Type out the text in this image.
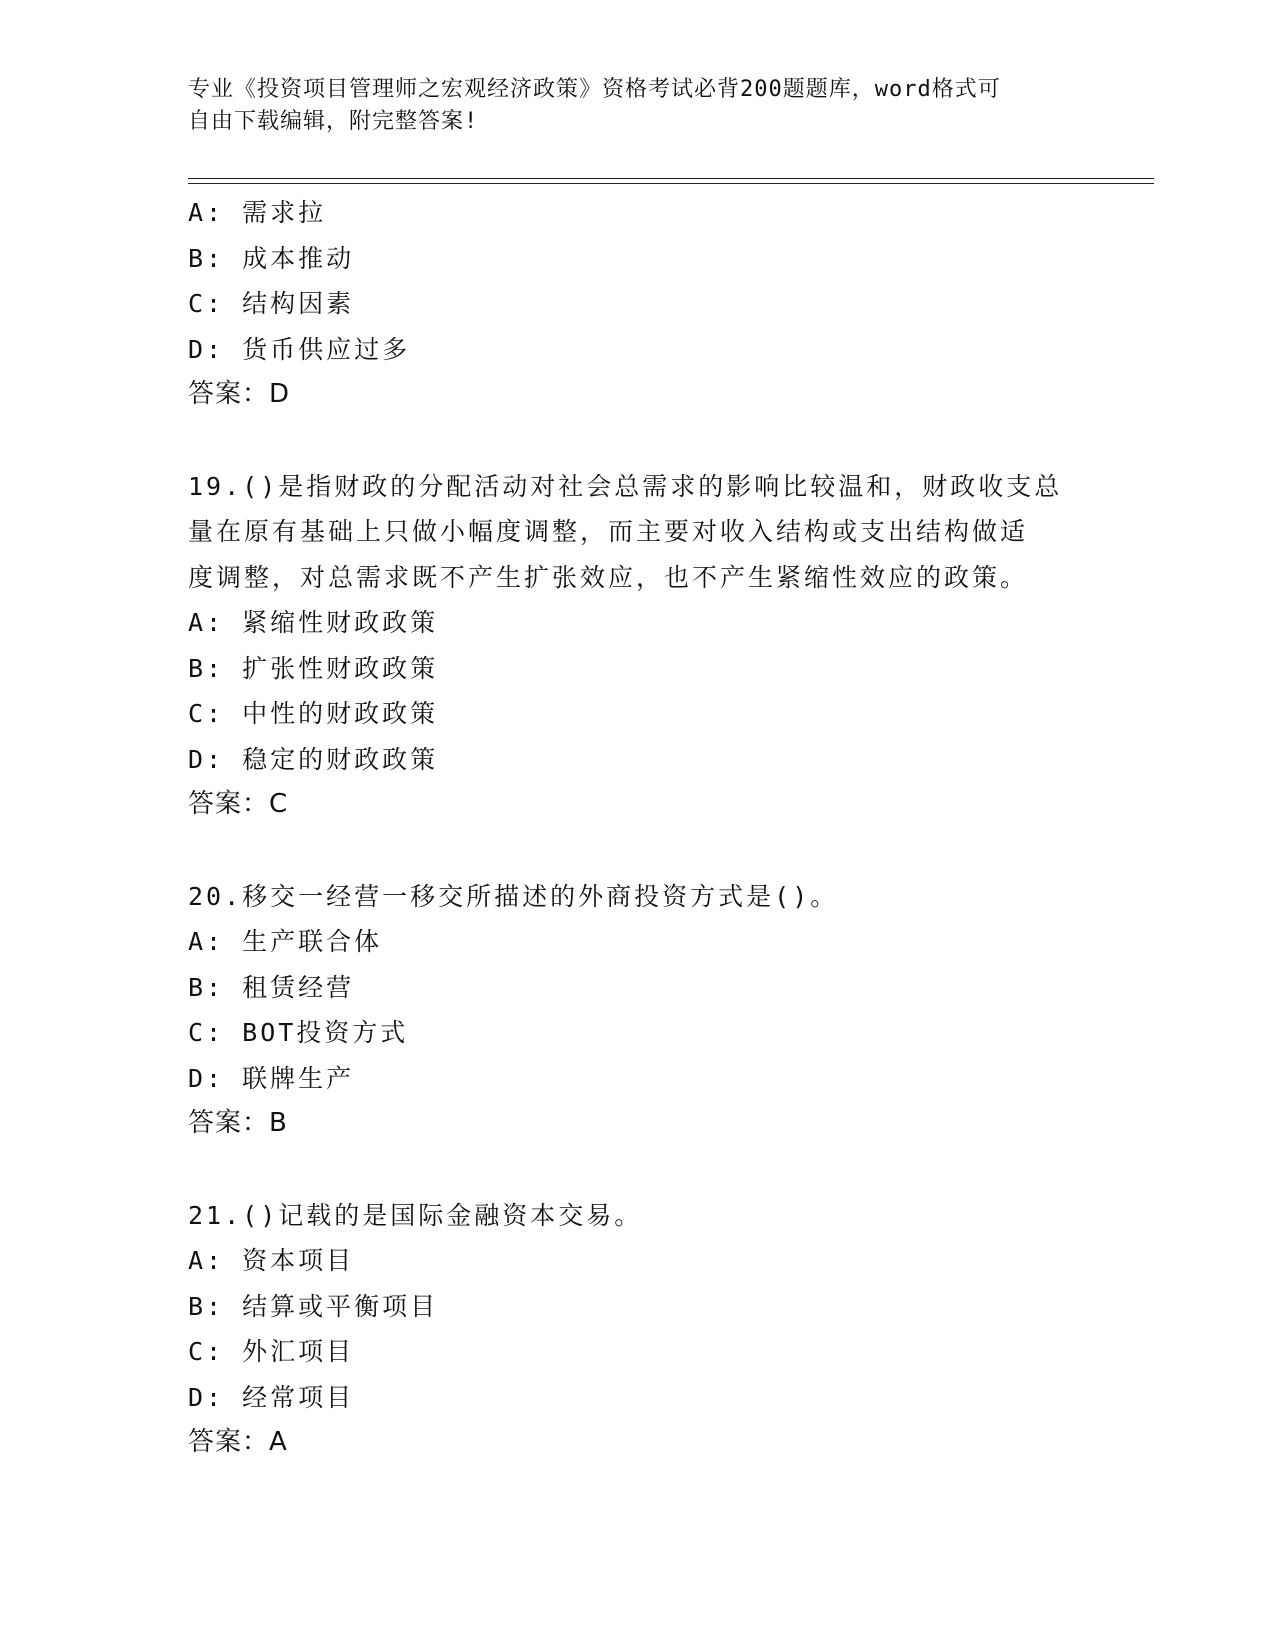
专业《投资项目管理师之宏观经济政策》资格考试必背200题题库，word格式可
自由下载编辑，附完整答案!
A: 需求拉
B: 成本推动
C: 结构因素
D: 货币供应过多
答案：D
19.()是指财政的分配活动对社会总需求的影响比较温和，财政收支总
量在原有基础上只做小幅度调整，而主要对收入结构或支出结构做适
度调整，对总需求既不产生扩张效应，也不产生紧缩性效应的政策。
A: 紧缩性财政政策
B: 扩张性财政政策
C: 中性的财政政策
D: 稳定的财政政策
答案：C
20.移交一经营一移交所描述的外商投资方式是()。
A: 生产联合体
B: 租赁经营
C: BOT投资方式
D: 联牌生产
答案：B
21.()记载的是国际金融资本交易。
A: 资本项目
B: 结算或平衡项目
C: 外汇项目
D: 经常项目
答案：A
